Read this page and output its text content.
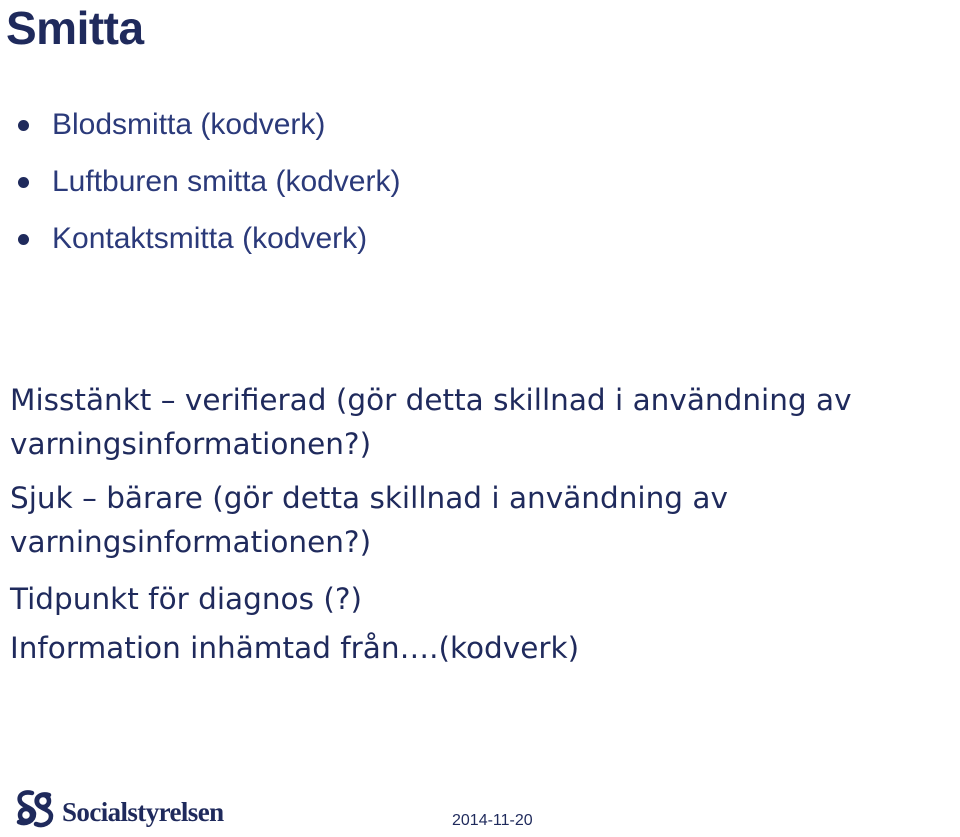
Smitta
Blodsmitta (kodverk)
Luftburen smitta (kodverk)
Kontaktsmitta (kodverk)

Misstänkt – verifierad (gör detta skillnad i användning av varningsinformationen?)

Sjuk – bärare (gör detta skillnad i användning av varningsinformationen?)

Tidpunkt för diagnos (?)

Information inhämtad från….(kodverk)

Socialstyrelsen	2014-11-20
